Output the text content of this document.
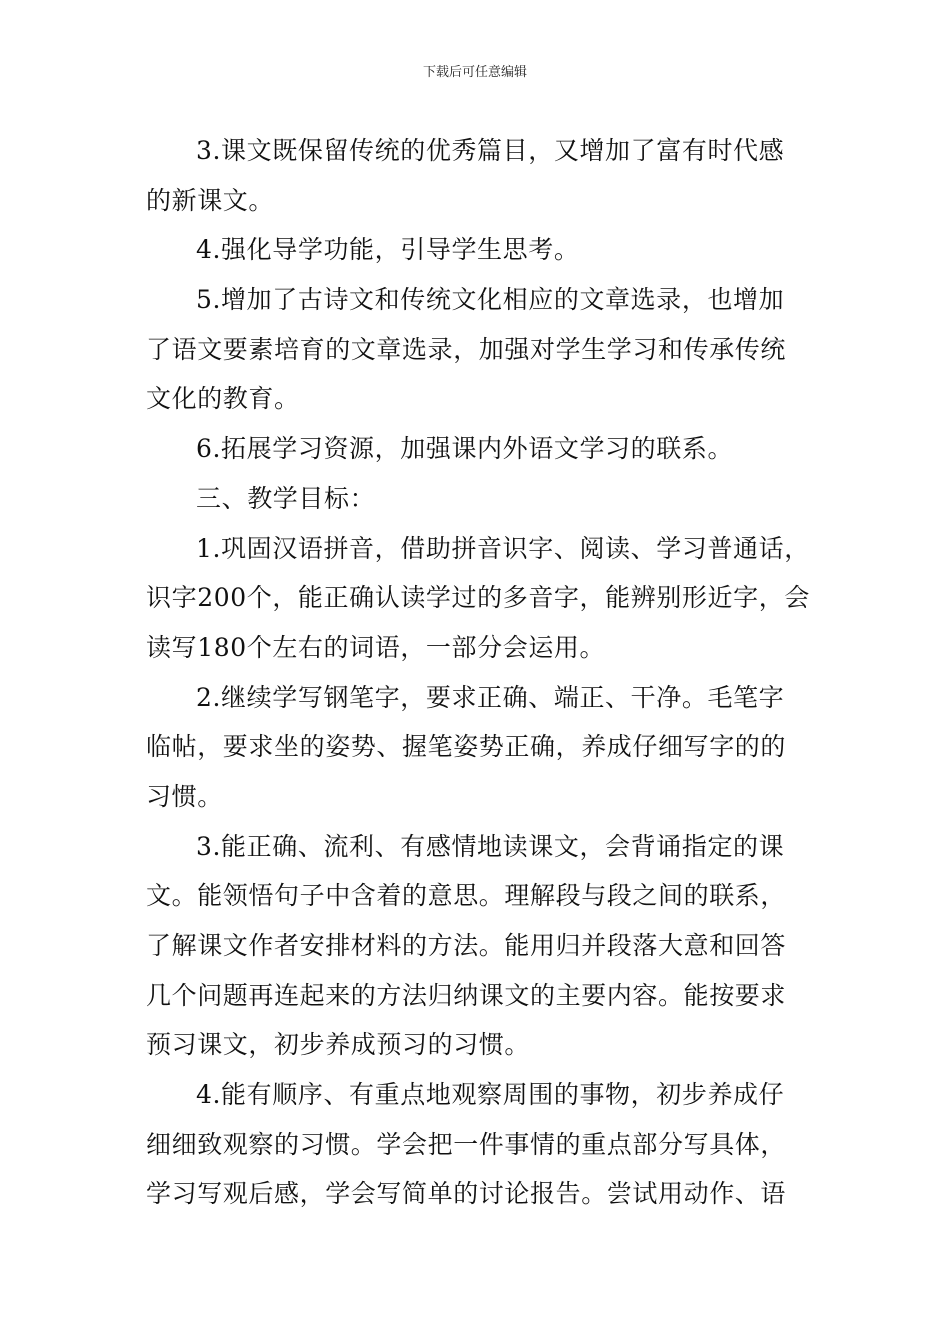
下载后可任意编辑
3.课文既保留传统的优秀篇目，又增加了富有时代感
的新课文。
4.强化导学功能，引导学生思考。
5.增加了古诗文和传统文化相应的文章选录，也增加
了语文要素培育的文章选录，加强对学生学习和传承传统
文化的教育。
6.拓展学习资源，加强课内外语文学习的联系。
三、教学目标：
1.巩固汉语拼音，借助拼音识字、阅读、学习普通话，
识字200个，能正确认读学过的多音字，能辨别形近字，会
读写180个左右的词语，一部分会运用。
2.继续学写钢笔字，要求正确、端正、干净。毛笔字
临帖，要求坐的姿势、握笔姿势正确，养成仔细写字的的
习惯。
3.能正确、流利、有感情地读课文，会背诵指定的课
文。能领悟句子中含着的意思。理解段与段之间的联系，
了解课文作者安排材料的方法。能用归并段落大意和回答
几个问题再连起来的方法归纳课文的主要内容。能按要求
预习课文，初步养成预习的习惯。
4.能有顺序、有重点地观察周围的事物，初步养成仔
细细致观察的习惯。学会把一件事情的重点部分写具体，
学习写观后感，学会写简单的讨论报告。尝试用动作、语
